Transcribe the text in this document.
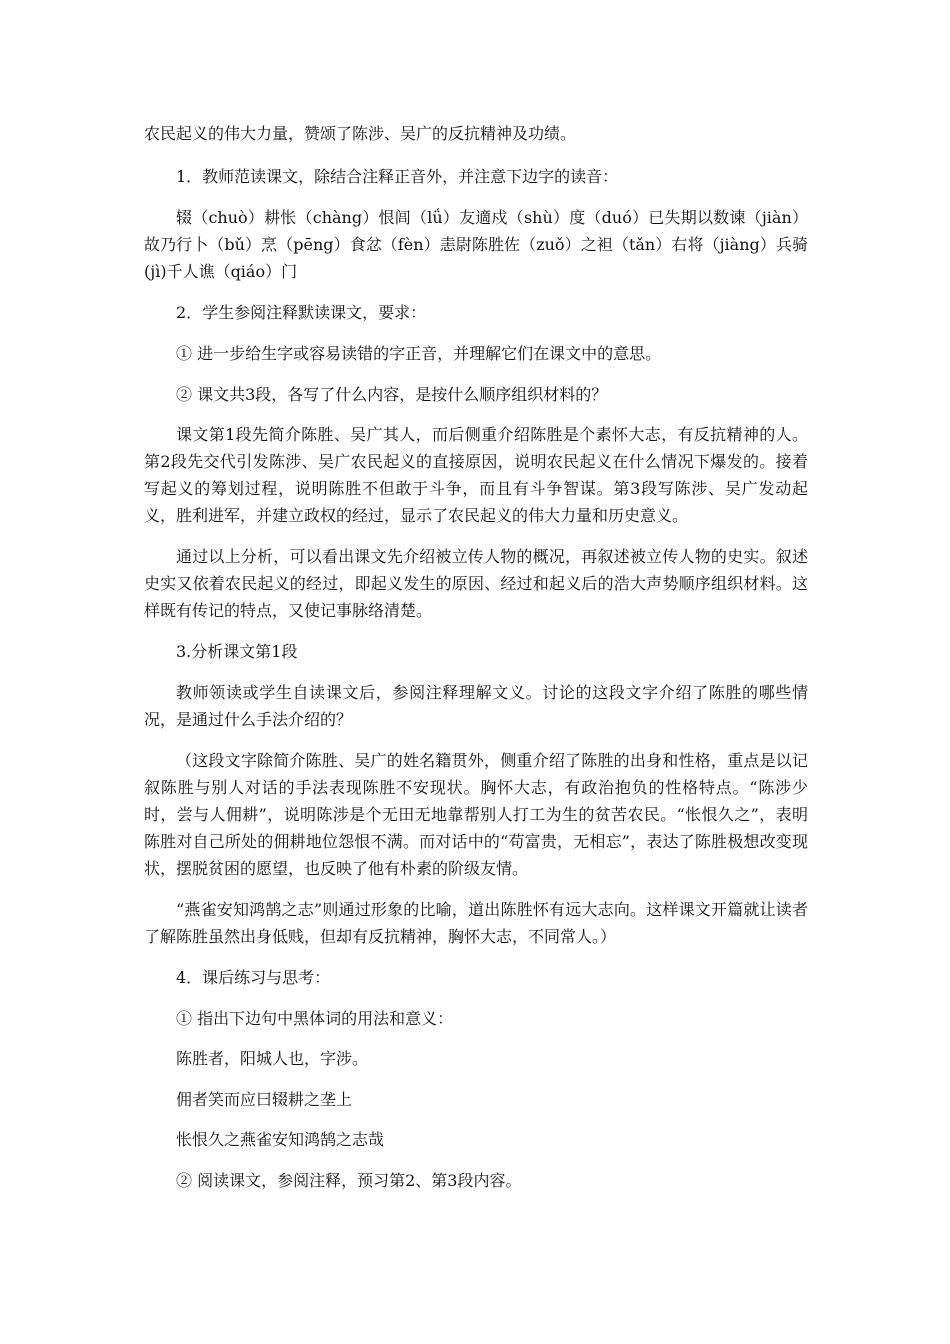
农民起义的伟大力量，赞颂了陈涉、吴广的反抗精神及功绩。

1．教师范读课文，除结合注释正音外，并注意下边字的读音：

辍（chuò）耕怅（chàng）恨闾（lǘ）友適戍（shù）度（duó）已失期以数谏（jiàn）故乃行卜（bǔ）烹（pēng）食忿（fèn）恚尉陈胜佐（zuǒ）之袒（tǎn）右将（jiàng）兵骑(jì)千人谯（qiáo）门

2．学生参阅注释默读课文，要求：

① 进一步给生字或容易读错的字正音，并理解它们在课文中的意思。

② 课文共3段，各写了什么内容，是按什么顺序组织材料的？

课文第1段先简介陈胜、吴广其人，而后侧重介绍陈胜是个素怀大志，有反抗精神的人。第2段先交代引发陈涉、吴广农民起义的直接原因，说明农民起义在什么情况下爆发的。接着写起义的筹划过程，说明陈胜不但敢于斗争，而且有斗争智谋。第3段写陈涉、吴广发动起义，胜利进军，并建立政权的经过，显示了农民起义的伟大力量和历史意义。

通过以上分析，可以看出课文先介绍被立传人物的概况，再叙述被立传人物的史实。叙述史实又依着农民起义的经过，即起义发生的原因、经过和起义后的浩大声势顺序组织材料。这样既有传记的特点，又使记事脉络清楚。

3.分析课文第1段

教师领读或学生自读课文后，参阅注释理解文义。讨论的这段文字介绍了陈胜的哪些情况，是通过什么手法介绍的？

（这段文字除简介陈胜、吴广的姓名籍贯外，侧重介绍了陈胜的出身和性格，重点是以记叙陈胜与别人对话的手法表现陈胜不安现状。胸怀大志，有政治抱负的性格特点。“陈涉少时，尝与人佣耕”，说明陈涉是个无田无地靠帮别人打工为生的贫苦农民。“怅恨久之”，表明陈胜对自己所处的佣耕地位怨恨不满。而对话中的“苟富贵，无相忘”，表达了陈胜极想改变现状，摆脱贫困的愿望，也反映了他有朴素的阶级友情。

“燕雀安知鸿鹄之志”则通过形象的比喻，道出陈胜怀有远大志向。这样课文开篇就让读者了解陈胜虽然出身低贱，但却有反抗精神，胸怀大志，不同常人。）

4．课后练习与思考：

① 指出下边句中黑体词的用法和意义：

陈胜者，阳城人也，字涉。

佣者笑而应曰辍耕之垄上

怅恨久之燕雀安知鸿鹄之志哉

② 阅读课文，参阅注释，预习第2、第3段内容。
